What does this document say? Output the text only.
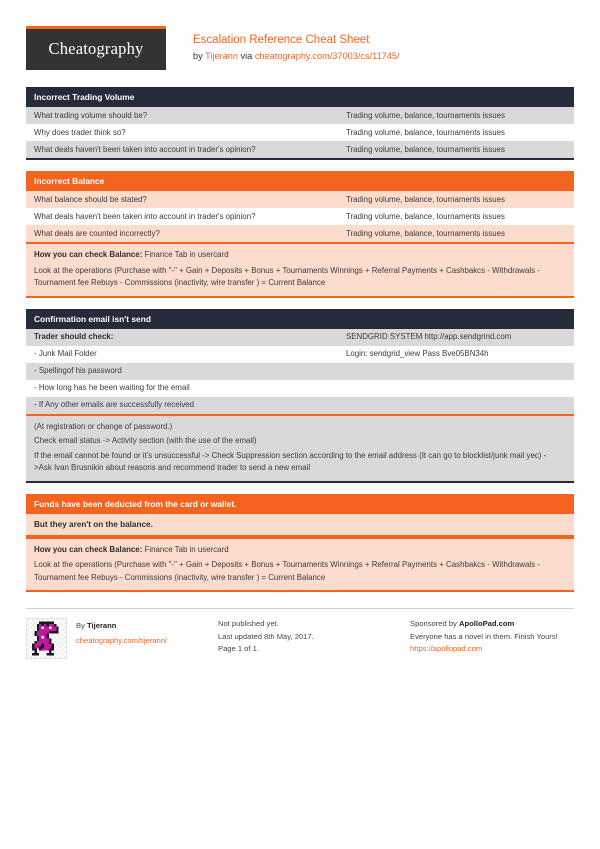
Cheatography	Escalation Reference Cheat Sheet
by Tijerann via cheatography.com/37003/cs/11745/
Incorrect Trading Volume
What trading volume should be?	Trading volume, balance, tournaments issues
Why does trader think so?	Trading volume, balance, tournaments issues
What deals haven't been taken into account in trader's opinion?	Trading volume, balance, tournaments issues
Incorrect Balance
What balance should be stated?	Trading volume, balance, tournaments issues
What deals haven't been taken into account in trader's opinion?	Trading volume, balance, tournaments issues
What deals are counted incorrectly?	Trading volume, balance, tournaments issues

How you can check Balance: Finance Tab in usercard

Look at the operations (Purchase with "-" + Gain + Deposits + Bonus + Tournaments Winnings + Referral Payments + Cashbakcs - Withdrawals - Tournament fee Rebuys - Commissions (inactivity, wire transfer ) = Current Balance

Confirmation email isn't send
Trader should check:	SENDGRID SYSTEM http://app.sendgrind.com
- Junk Mail Folder	Login: sendgrid_view Pass Bve05BN34h
- Spellingof his password
- How long has he been waiting for the email
- If Any other emails are successfully received

(At registration or change of password.)

Check email status -> Activity section (with the use of the email)

If the email cannot be found or it's unsuccessful -> Check Suppression section according to the email address (It can go to blocklist/junk mail yec) - >Ask Ivan Brusnikin about reasons and recommend trader to send a new email

Funds have been deducted from the card or wallet.
But they aren't on the balance.

How you can check Balance: Finance Tab in usercard

Look at the operations (Purchase with "-" + Gain + Deposits + Bonus + Tournaments Winnings + Referral Payments + Cashbakcs - Withdrawals - Tournament fee Rebuys - Commissions (inactivity, wire transfer ) = Current Balance

By Tijerann
cheatography.com/tijerann/
Not published yet.
Last updated 8th May, 2017.
Page 1 of 1.
Sponsored by ApolloPad.com
Everyone has a novel in them. Finish Yours!
https://apollopad.com
